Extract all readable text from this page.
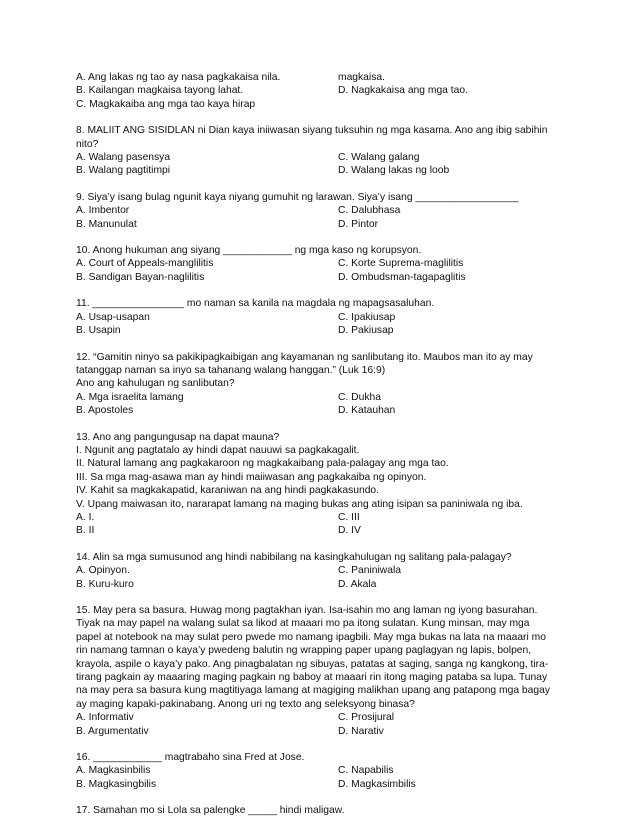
A. Ang lakas ng tao ay nasa pagkakaisa nila.	magkaisa.
B. Kailangan magkaisa tayong lahat.	D. Nagkakaisa ang mga tao.
C. Magkakaiba ang mga tao kaya hirap
8. MALIIT ANG SISIDLAN ni Dian kaya iniiwasan siyang tuksuhin ng mga kasama. Ano ang ibig sabihin
nito?
A. Walang pasensya	C. Walang galang
B. Walang pagtitimpi	D. Walang lakas ng loob
9. Siya’y isang bulag ngunit kaya niyang gumuhit ng larawan. Siya’y isang __________________
A. Imbentor	C. Dalubhasa
B. Manunulat	D. Pintor
10. Anong hukuman ang siyang ____________ ng mga kaso ng korupsyon.
A. Court of Appeals-manglilitis	C. Korte Suprema-maglilitis
B. Sandigan Bayan-naglilitis	D. Ombudsman-tagapaglitis
11. ________________ mo naman sa kanila na magdala ng mapagsasaluhan.
A. Usap-usapan	C. Ipakiusap
B. Usapin	D. Pakiusap
12. “Gamitin ninyo sa pakikipagkaibigan ang kayamanan ng sanlibutang ito. Maubos man ito ay may
tatanggap naman sa inyo sa tahanang walang hanggan.” (Luk 16:9)
Ano ang kahulugan ng sanlibutan?
A. Mga israelita lamang	C. Dukha
B. Apostoles	D. Katauhan
13. Ano ang pangungusap na dapat mauna?
I. Ngunit ang pagtatalo ay hindi dapat nauuwi sa pagkakagalit.
II. Natural lamang ang pagkakaroon ng magkakaibang pala-palagay ang mga tao.
III. Sa mga mag-asawa man ay hindi maiiwasan ang pagkakaiba ng opinyon.
IV. Kahit sa magkakapatid, karaniwan na ang hindi pagkakasundo.
V. Upang maiwasan ito, nararapat lamang na maging bukas ang ating isipan sa paniniwala ng iba.
A. I.	C. III
B. II	D. IV
14. Alin sa mga sumusunod ang hindi nabibilang na kasingkahulugan ng salitang pala-palagay?
A. Opinyon.	C. Paniniwala
B. Kuru-kuro	D. Akala
15. May pera sa basura. Huwag mong pagtakhan iyan. Isa-isahin mo ang laman ng iyong basurahan.
Tiyak na may papel na walang sulat sa likod at maaari mo pa itong sulatan. Kung minsan, may mga
papel at notebook na may sulat pero pwede mo namang ipagbili. May mga bukas na lata na maaari mo
rin namang tamnan o kaya’y pwedeng balutin ng wrapping paper upang paglagyan ng lapis, bolpen,
krayola, aspile o kaya’y pako. Ang pinagbalatan ng sibuyas, patatas at saging, sanga ng kangkong, tira-
tirang pagkain ay maaaring maging pagkain ng baboy at maaari rin itong maging pataba sa lupa. Tunay
na may pera sa basura kung magtitiyaga lamang at magiging malikhan upang ang patapong mga bagay
ay maging kapaki-pakinabang. Anong uri ng texto ang seleksyong binasa?
A. Informativ	C. Prosijural
B. Argumentativ	D. Narativ
16. ____________ magtrabaho sina Fred at Jose.
A. Magkasinbilis	C. Napabilis
B. Magkasingbilis	D. Magkasimbilis
17. Samahan mo si Lola sa palengke _____ hindi maligaw.
